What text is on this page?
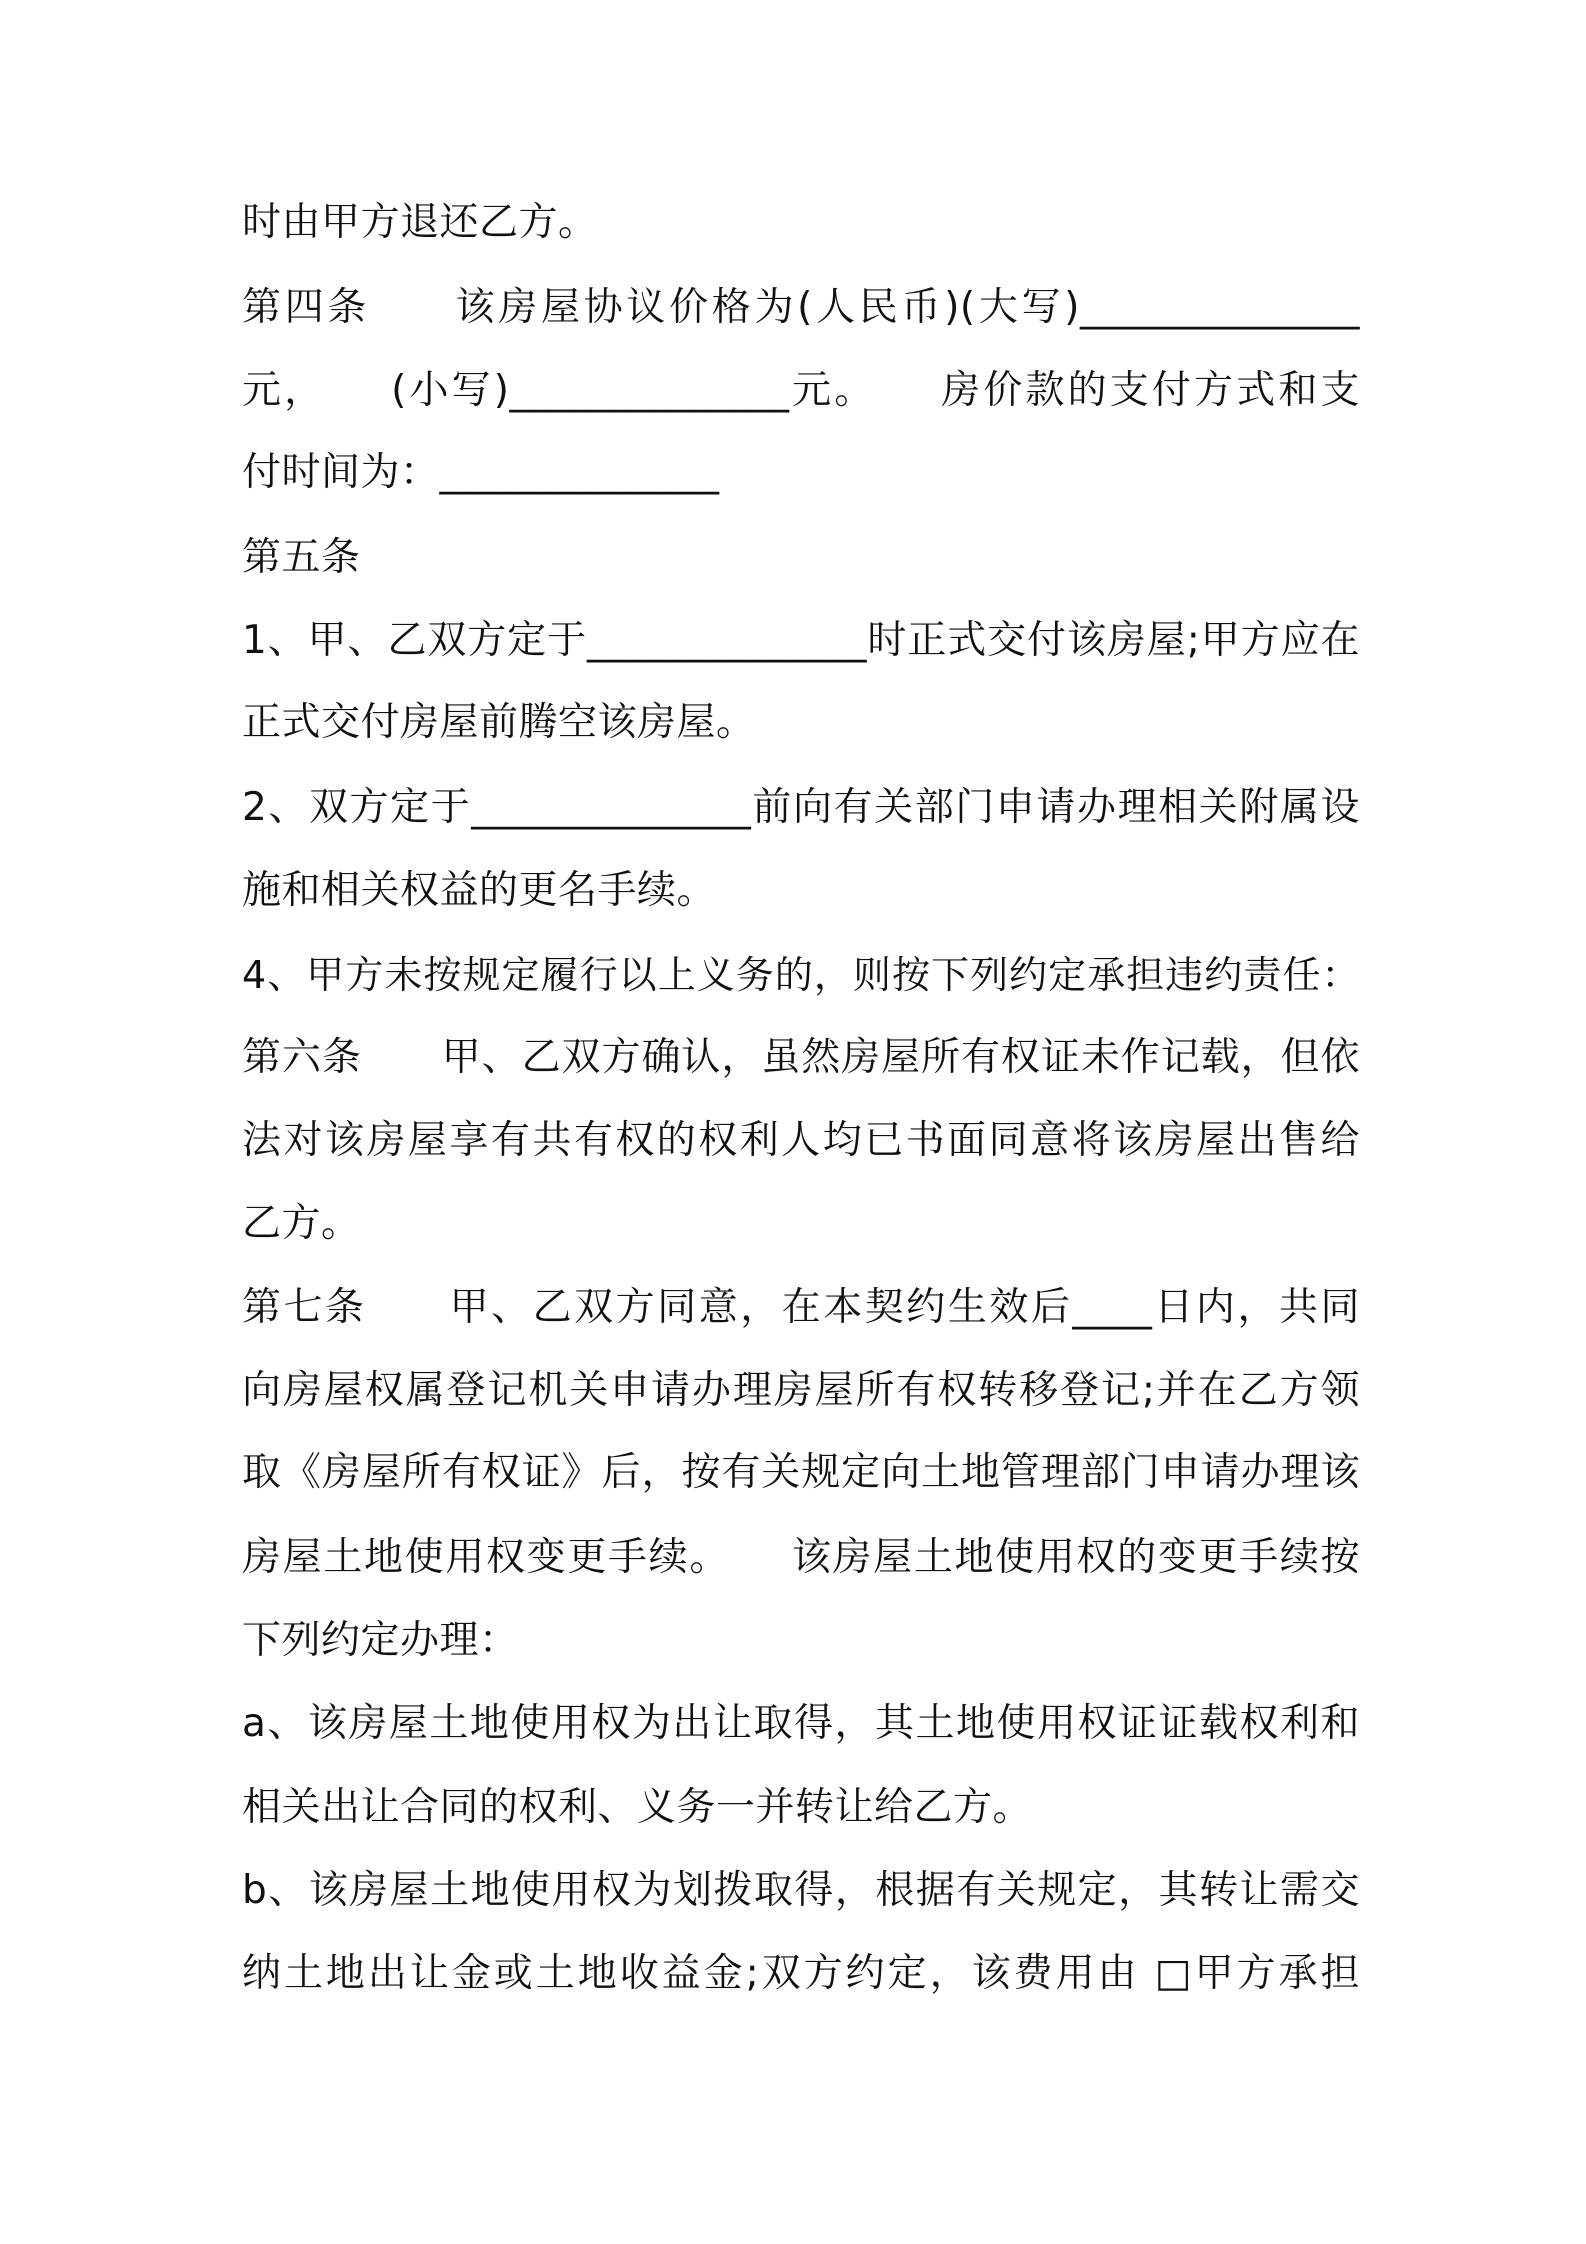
时由甲方退还乙方。
第四条　　该房屋协议价格为(人民币)(大写)______________
元，　　(小写)______________元。　　房价款的支付方式和支
付时间为：______________
第五条
1、甲、乙双方定于______________时正式交付该房屋;甲方应在
正式交付房屋前腾空该房屋。
2、双方定于______________前向有关部门申请办理相关附属设
施和相关权益的更名手续。
4、甲方未按规定履行以上义务的，则按下列约定承担违约责任：
第六条　　甲、乙双方确认，虽然房屋所有权证未作记载，但依
法对该房屋享有共有权的权利人均已书面同意将该房屋出售给
乙方。
第七条　　甲、乙双方同意，在本契约生效后____日内，共同
向房屋权属登记机关申请办理房屋所有权转移登记;并在乙方领
取《房屋所有权证》后，按有关规定向土地管理部门申请办理该
房屋土地使用权变更手续。　　该房屋土地使用权的变更手续按
下列约定办理：
a、该房屋土地使用权为出让取得，其土地使用权证证载权利和
相关出让合同的权利、义务一并转让给乙方。
b、该房屋土地使用权为划拨取得，根据有关规定，其转让需交
纳土地出让金或土地收益金;双方约定，该费用由 □甲方承担
